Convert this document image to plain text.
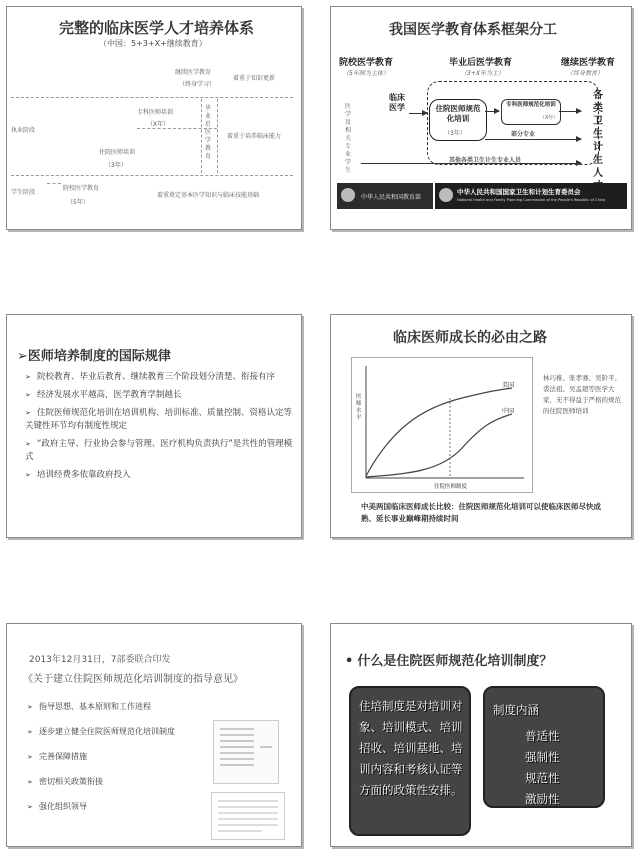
完整的临床医学人才培养体系
（中国：5+3+X+继续教育）
继续医学教育
（终身学习）
专科医师培训
（X年）
住院医师培训
（3年）
院校医学教育
（5年）
毕业后医学教育
执业阶段
学生阶段
着重于知识更新
着重于培养临床能力
着重奠定基本医学知识与临床技能基础
我国医学教育体系框架分工
院校医学教育
（5年制为主体）
毕业后医学教育
（3+X年为主）
继续医学教育
（终身教育）
医学及相关专业学生
临床医学	住院医师规范化培训
（3年）
专科医师规范化培训
（X年）
部分专业
其他各类卫生计生专业人员
各类卫生计生人
中华人民共和国教育部
中华人民共和国国家卫生和计划生育委员会
National Health and Family Planning Commission of the People's Republic of China
➢医师培养制度的国际规律
➢ 院校教育、毕业后教育、继续教育三个阶段划分清楚、衔接有序
➢ 经济发展水平越高，医学教育学制越长
➢ 住院医师规范化培训在培训机构、培训标准、质量控制、资格认定等关键性环节均有制度性规定
➢ “政府主导、行业协会参与管理、医疗机构负责执行”是共性的管理模式
➢ 培训经费多依靠政府投入
临床医师成长的必由之路
医师水平
住院医师制度
美国
中国
林巧稚、张孝骞、吴阶平、裘法祖、吴孟超等医学大家，无不得益于严格的规范的住院医师培训
中美两国临床医师成长比较：住院医师规范化培训可以使临床医师尽快成熟、延长事业巅峰期持续时间
2013年12月31日，7部委联合印发
《关于建立住院医师规范化培训制度的指导意见》
➢ 指导思想、基本原则和工作进程
➢ 逐步建立健全住院医师规范化培训制度
➢ 完善保障措施
➢ 密切相关政策衔接
➢ 强化组织领导
• 什么是住院医师规范化培训制度？
住培制度是对培训对象、培训模式、培训招收、培训基地、培训内容和考核认证等方面的政策性安排。
制度内涵
普适性
强制性
规范性
激励性
